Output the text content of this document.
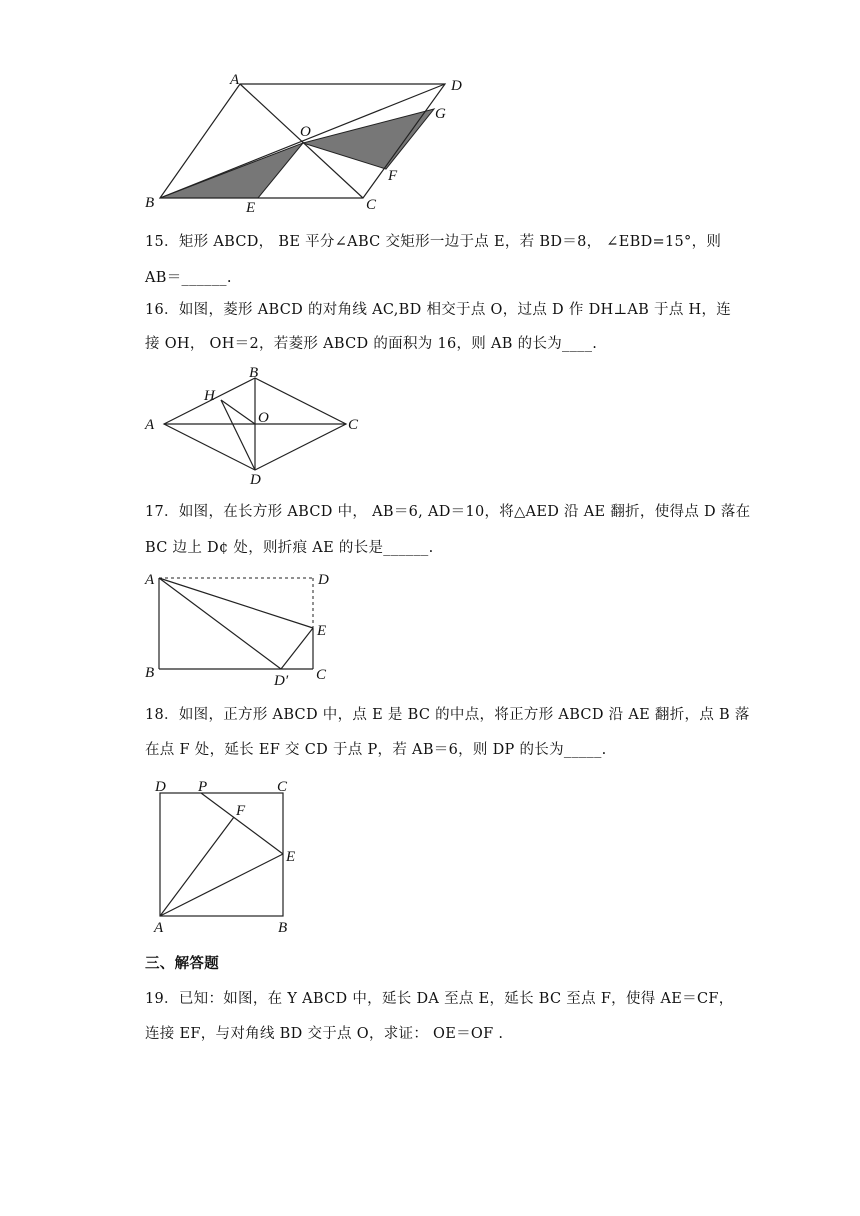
A	D
G
O
F
B	E	C
15．矩形 ABCD， BE 平分∠ABC 交矩形一边于点 E，若 BD＝8， ∠EBD=15°，则
AB＝______.
16．如图，菱形 ABCD 的对角线 AC,BD 相交于点 O，过点 D 作 DH⊥AB 于点 H，连
接 OH， OH＝2，若菱形 ABCD 的面积为 16，则 AB 的长为____.
H
B
O
A	C
D
17．如图，在长方形 ABCD 中， AB＝6, AD＝10，将△AED 沿 AE 翻折，使得点 D 落在
BC 边上 D¢ 处，则折痕 AE 的长是______.
A	D
E
B	D′ C
18．如图，正方形 ABCD 中，点 E 是 BC 的中点，将正方形 ABCD 沿 AE 翻折，点 B 落
在点 F 处，延长 EF 交 CD 于点 P，若 AB＝6，则 DP 的长为_____.
D P	C
F
E
A	B
三、解答题
19．已知：如图，在 Y ABCD 中，延长 DA 至点 E，延长 BC 至点 F，使得 AE＝CF，
连接 EF，与对角线 BD 交于点 O，求证： OE＝OF .
